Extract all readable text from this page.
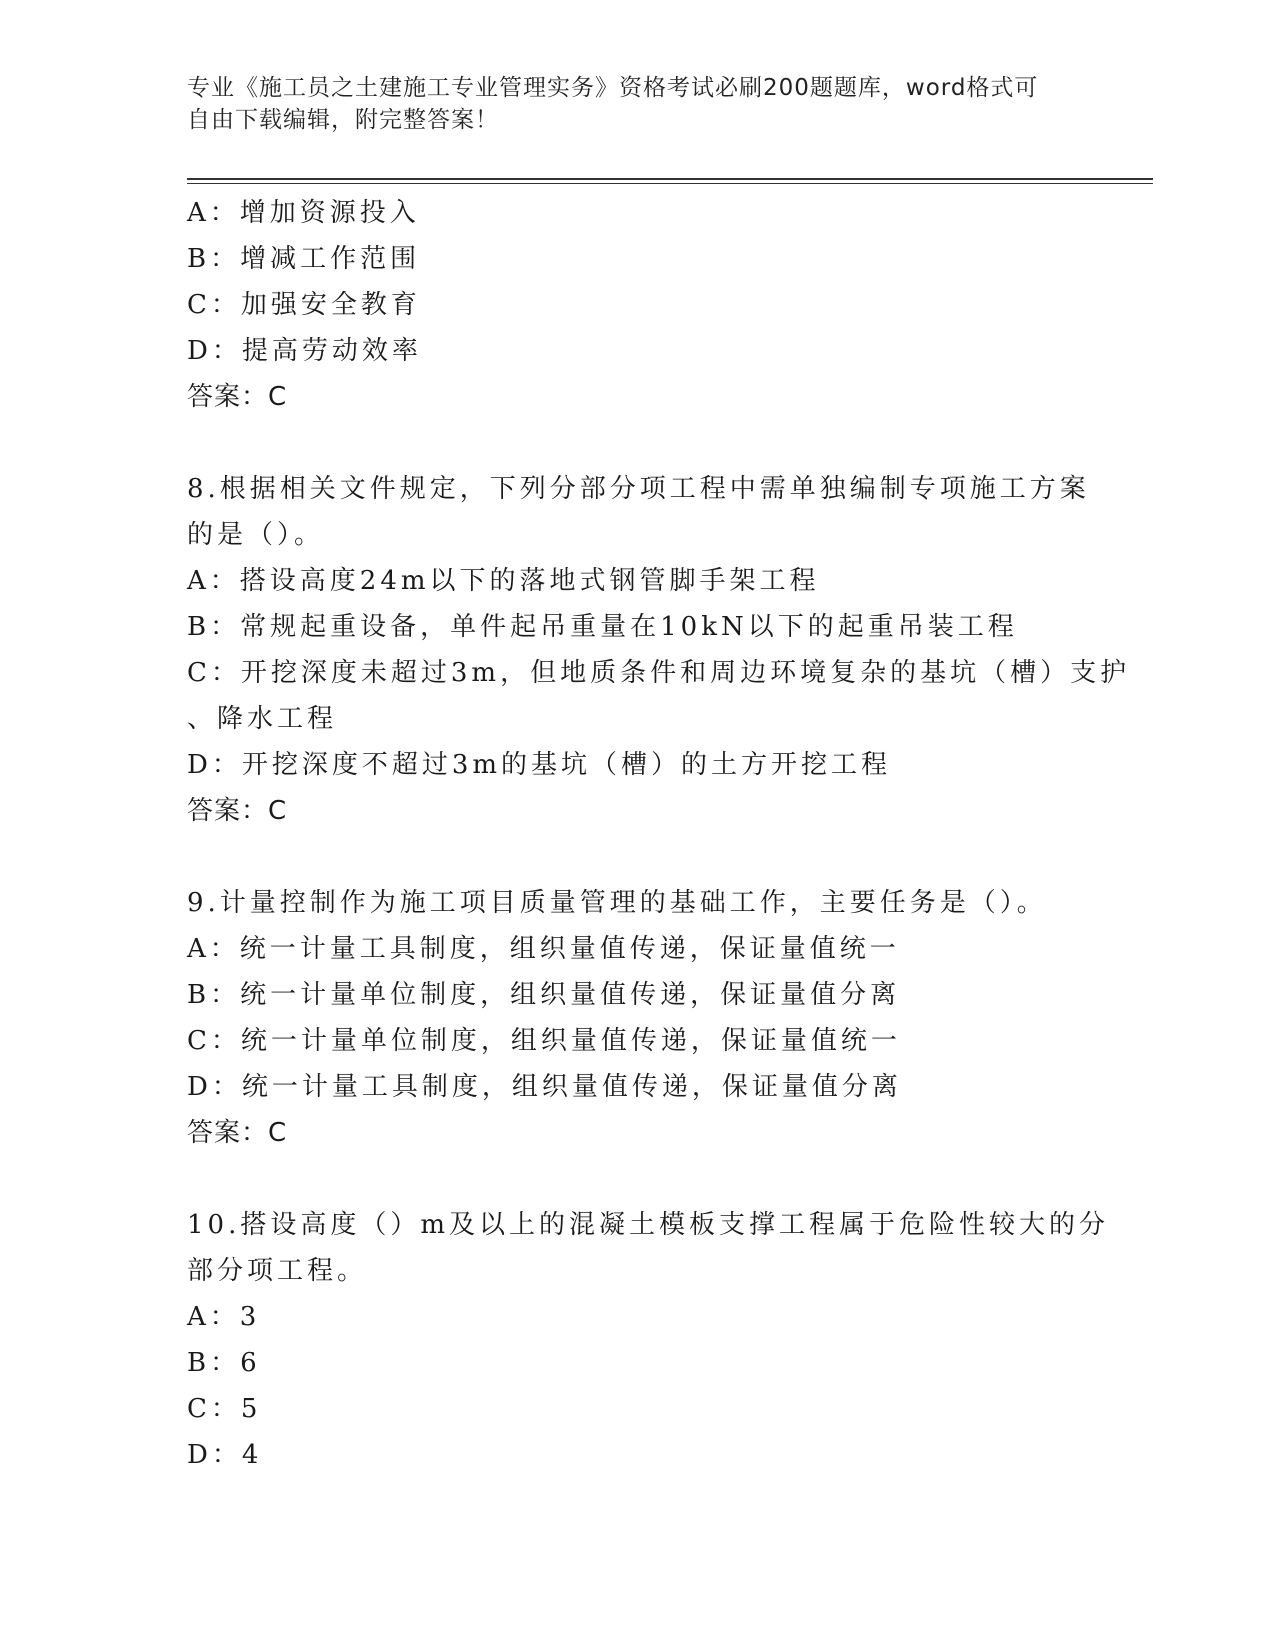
专业《施工员之土建施工专业管理实务》资格考试必刷200题题库，word格式可
自由下载编辑，附完整答案！
A：增加资源投入
B：增减工作范围
C：加强安全教育
D：提高劳动效率
答案：C
8.根据相关文件规定，下列分部分项工程中需单独编制专项施工方案
的是（）。
A：搭设高度24m以下的落地式钢管脚手架工程
B：常规起重设备，单件起吊重量在10kN以下的起重吊装工程
C：开挖深度未超过3m，但地质条件和周边环境复杂的基坑（槽）支护
、降水工程
D：开挖深度不超过3m的基坑（槽）的土方开挖工程
答案：C
9.计量控制作为施工项目质量管理的基础工作，主要任务是（）。
A：统一计量工具制度，组织量值传递，保证量值统一
B：统一计量单位制度，组织量值传递，保证量值分离
C：统一计量单位制度，组织量值传递，保证量值统一
D：统一计量工具制度，组织量值传递，保证量值分离
答案：C
10.搭设高度（）m及以上的混凝土模板支撑工程属于危险性较大的分
部分项工程。
A：3
B：6
C：5
D：4
